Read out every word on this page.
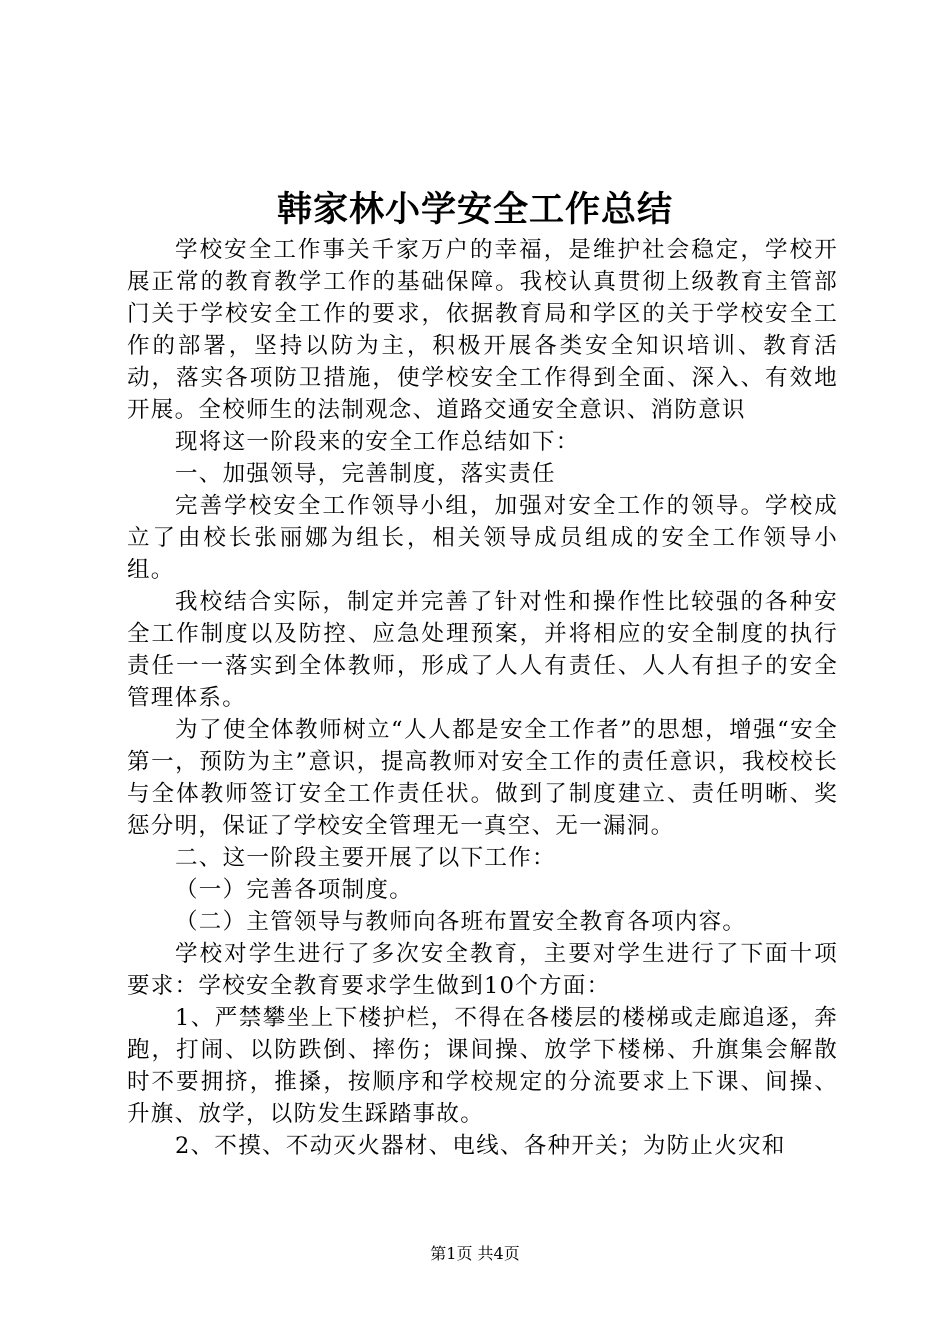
韩家林小学安全工作总结

学校安全工作事关千家万户的幸福，是维护社会稳定，学校开展正常的教育教学工作的基础保障。我校认真贯彻上级教育主管部门关于学校安全工作的要求，依据教育局和学区的关于学校安全工作的部署，坚持以防为主，积极开展各类安全知识培训、教育活动，落实各项防卫措施，使学校安全工作得到全面、深入、有效地开展。全校师生的法制观念、道路交通安全意识、消防意识

现将这一阶段来的安全工作总结如下：

一、加强领导，完善制度，落实责任

完善学校安全工作领导小组，加强对安全工作的领导。学校成立了由校长张丽娜为组长，相关领导成员组成的安全工作领导小组。

我校结合实际，制定并完善了针对性和操作性比较强的各种安全工作制度以及防控、应急处理预案，并将相应的安全制度的执行责任一一落实到全体教师，形成了人人有责任、人人有担子的安全管理体系。

为了使全体教师树立“人人都是安全工作者”的思想，增强“安全第一，预防为主”意识，提高教师对安全工作的责任意识，我校校长与全体教师签订安全工作责任状。做到了制度建立、责任明晰、奖惩分明，保证了学校安全管理无一真空、无一漏洞。

二、这一阶段主要开展了以下工作：

（一）完善各项制度。

（二）主管领导与教师向各班布置安全教育各项内容。

学校对学生进行了多次安全教育，主要对学生进行了下面十项要求：学校安全教育要求学生做到10个方面：

1、严禁攀坐上下楼护栏，不得在各楼层的楼梯或走廊追逐，奔跑，打闹、以防跌倒、摔伤；课间操、放学下楼梯、升旗集会解散时不要拥挤，推搡，按顺序和学校规定的分流要求上下课、间操、升旗、放学，以防发生踩踏事故。

2、不摸、不动灭火器材、电线、各种开关；为防止火灾和

第1页 共4页
